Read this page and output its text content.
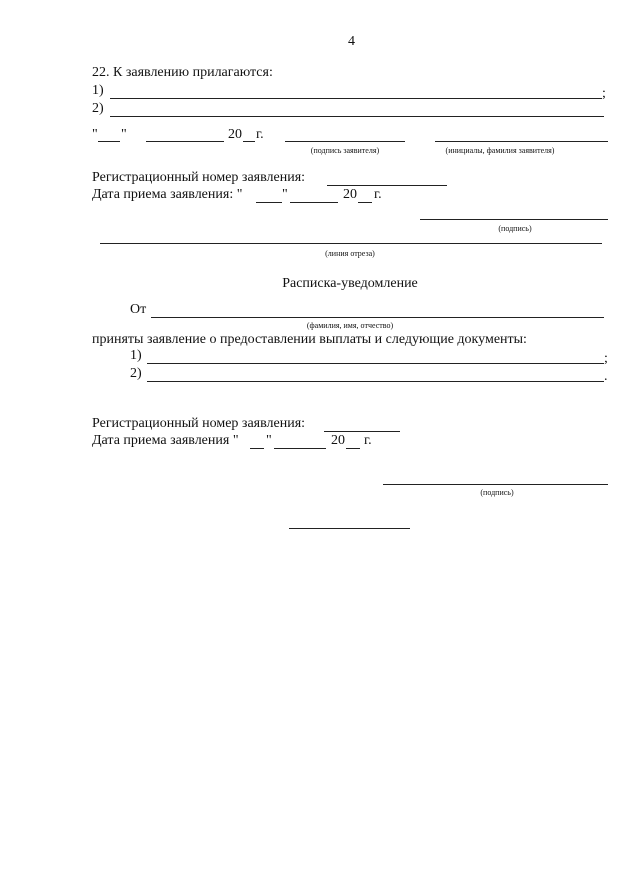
4
22. К заявлению прилагаются:
1)	;
2)
" "	20 г.
(подпись заявителя)	(инициалы, фамилия заявителя)
Регистрационный номер заявления:
Дата приема заявления: "	"	20 г.
(подпись)
(линия отреза)
Расписка-уведомление
От
(фамилия, имя, отчество)
приняты заявление о предоставлении выплаты и следующие документы:
1)	;
2)	.
Регистрационный номер заявления:
Дата приема заявления " "	20 г.
(подпись)
